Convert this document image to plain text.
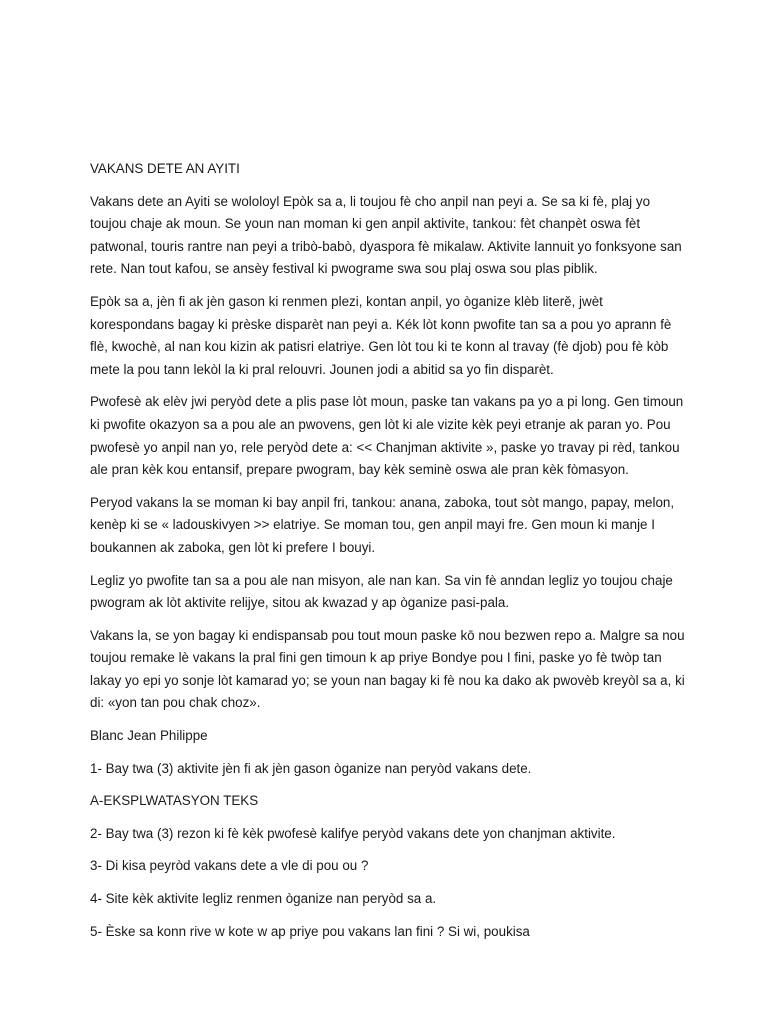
VAKANS DETE AN AYITI

Vakans dete an Ayiti se wololoyl Epòk sa a, li toujou fè cho anpil nan peyi a. Se sa ki fè, plaj yo toujou chaje ak moun. Se youn nan moman ki gen anpil aktivite, tankou: fèt chanpèt oswa fèt patwonal, touris rantre nan peyi a tribò-babò, dyaspora fè mikalaw. Aktivite lannuit yo fonksyone san rete. Nan tout kafou, se ansèy festival ki pwograme swa sou plaj oswa sou plas piblik.

Epòk sa a, jèn fi ak jèn gason ki renmen plezi, kontan anpil, yo òganize klèb literě, jwèt korespondans bagay ki prèske disparèt nan peyi a. Kék lòt konn pwofite tan sa a pou yo aprann fè flè, kwochè, al nan kou kizin ak patisri elatriye. Gen lòt tou ki te konn al travay (fè djob) pou fè kòb mete la pou tann lekòl la ki pral relouvri. Jounen jodi a abitid sa yo fin disparèt.

Pwofesè ak elèv jwi peryòd dete a plis pase lòt moun, paske tan vakans pa yo a pi long. Gen timoun ki pwofite okazyon sa a pou ale an pwovens, gen lòt ki ale vizite kèk peyi etranje ak paran yo. Pou pwofesè yo anpil nan yo, rele peryòd dete a: << Chanjman aktivite », paske yo travay pi rèd, tankou ale pran kèk kou entansif, prepare pwogram, bay kèk seminè oswa ale pran kèk fòmasyon.

Peryod vakans la se moman ki bay anpil fri, tankou: anana, zaboka, tout sòt mango, papay, melon, kenèp ki se « ladouskivyen >> elatriye. Se moman tou, gen anpil mayi fre. Gen moun ki manje I boukannen ak zaboka, gen lòt ki prefere I bouyi.

Legliz yo pwofite tan sa a pou ale nan misyon, ale nan kan. Sa vin fè anndan legliz yo toujou chaje pwogram ak lòt aktivite relijye, sitou ak kwazad y ap òganize pasi-pala.

Vakans la, se yon bagay ki endispansab pou tout moun paske kō nou bezwen repo a. Malgre sa nou toujou remake lè vakans la pral fini gen timoun k ap priye Bondye pou I fini, paske yo fè twòp tan lakay yo epi yo sonje lòt kamarad yo; se youn nan bagay ki fè nou ka dako ak pwovèb kreyòl sa a, ki di: «yon tan pou chak choz».

Blanc Jean Philippe

1- Bay twa (3) aktivite jèn fi ak jèn gason òganize nan peryòd vakans dete.

A-EKSPLWATASYON TEKS

2- Bay twa (3) rezon ki fè kèk pwofesè kalifye peryòd vakans dete yon chanjman aktivite.

3- Di kisa peyròd vakans dete a vle di pou ou ?

4- Site kèk aktivite legliz renmen òganize nan peryòd sa a.

5- Èske sa konn rive w kote w ap priye pou vakans lan fini ? Si wi, poukisa
